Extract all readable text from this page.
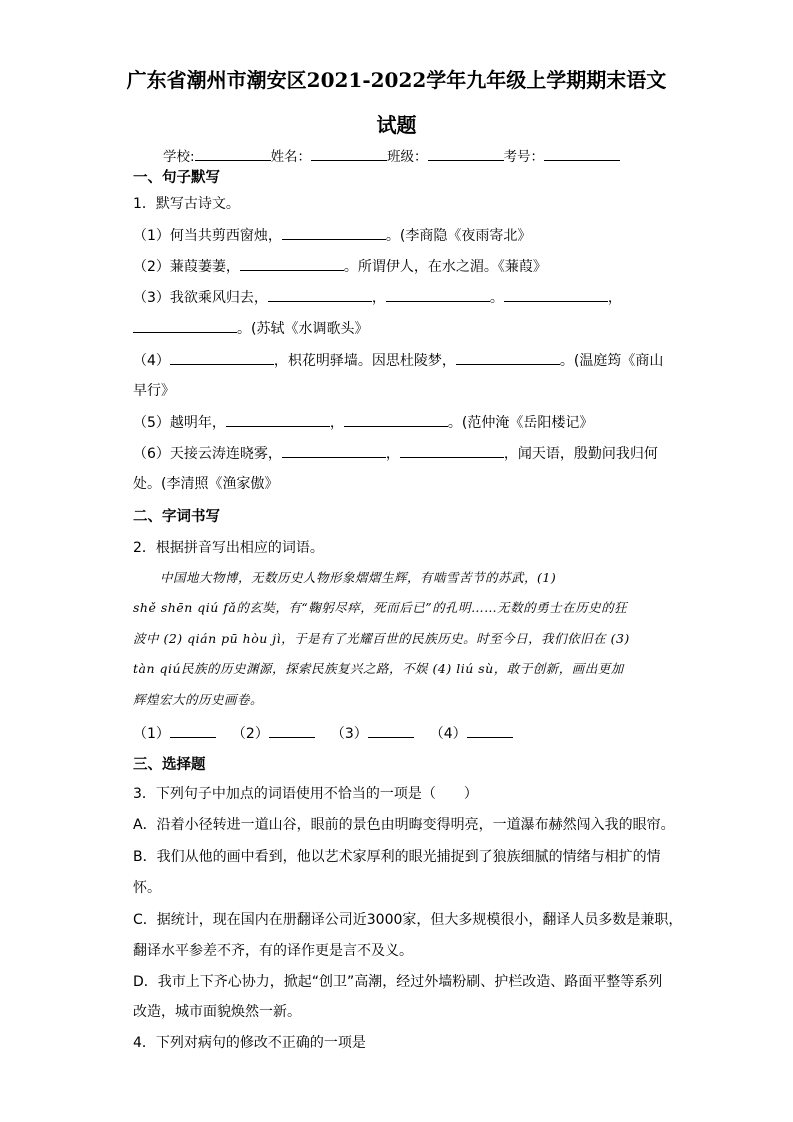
广东省潮州市潮安区2021-2022学年九年级上学期期末语文
试题
学校:	姓名：	班级：	考号：
一、句子默写
1．默写古诗文。
（1）何当共剪西窗烛，	。(李商隐《夜雨寄北》
（2）蒹葭萋萋，	。所谓伊人，在水之湄。《蒹葭》
（3）我欲乘风归去，	，	。	，
。(苏轼《水调歌头》
（4）	，枳花明驿墙。因思杜陵梦，	。(温庭筠《商山
早行》
（5）越明年，	，	。(范仲淹《岳阳楼记》
（6）天接云涛连晓雾，	，	，闻天语，殷勤问我归何
处。(李清照《渔家傲》
二、字词书写
2．根据拼音写出相应的词语。
中国地大物博，无数历史人物形象熠熠生辉，有啮雪苦节的苏武，(1)
shě shēn qiú fǎ的玄奘，有“鞠躬尽瘁，死而后已”的孔明……无数的勇士在历史的狂
波中 (2) qián pū hòu jì，于是有了光耀百世的民族历史。时至今日，我们依旧在 (3)
tàn qiú民族的历史渊源，探索民族复兴之路，不娱 (4) liú sù，敢于创新，画出更加
辉煌宏大的历史画卷。
（1）	（2）	（3）	（4）
三、选择题
3．下列句子中加点的词语使用不恰当的一项是（　　）
A．沿着小径转进一道山谷，眼前的景色由明晦变得明亮，一道瀑布赫然闯入我的眼帘。
B．我们从他的画中看到，他以艺术家厚利的眼光捕捉到了狼族细腻的情绪与相扩的情
怀。
C．据统计，现在国内在册翻译公司近3000家，但大多规模很小，翻译人员多数是兼职，
翻译水平参差不齐，有的译作更是言不及义。
D．我市上下齐心协力，掀起“创卫”高潮，经过外墙粉刷、护栏改造、路面平整等系列
改造，城市面貌焕然一新。
4．下列对病句的修改不正确的一项是
